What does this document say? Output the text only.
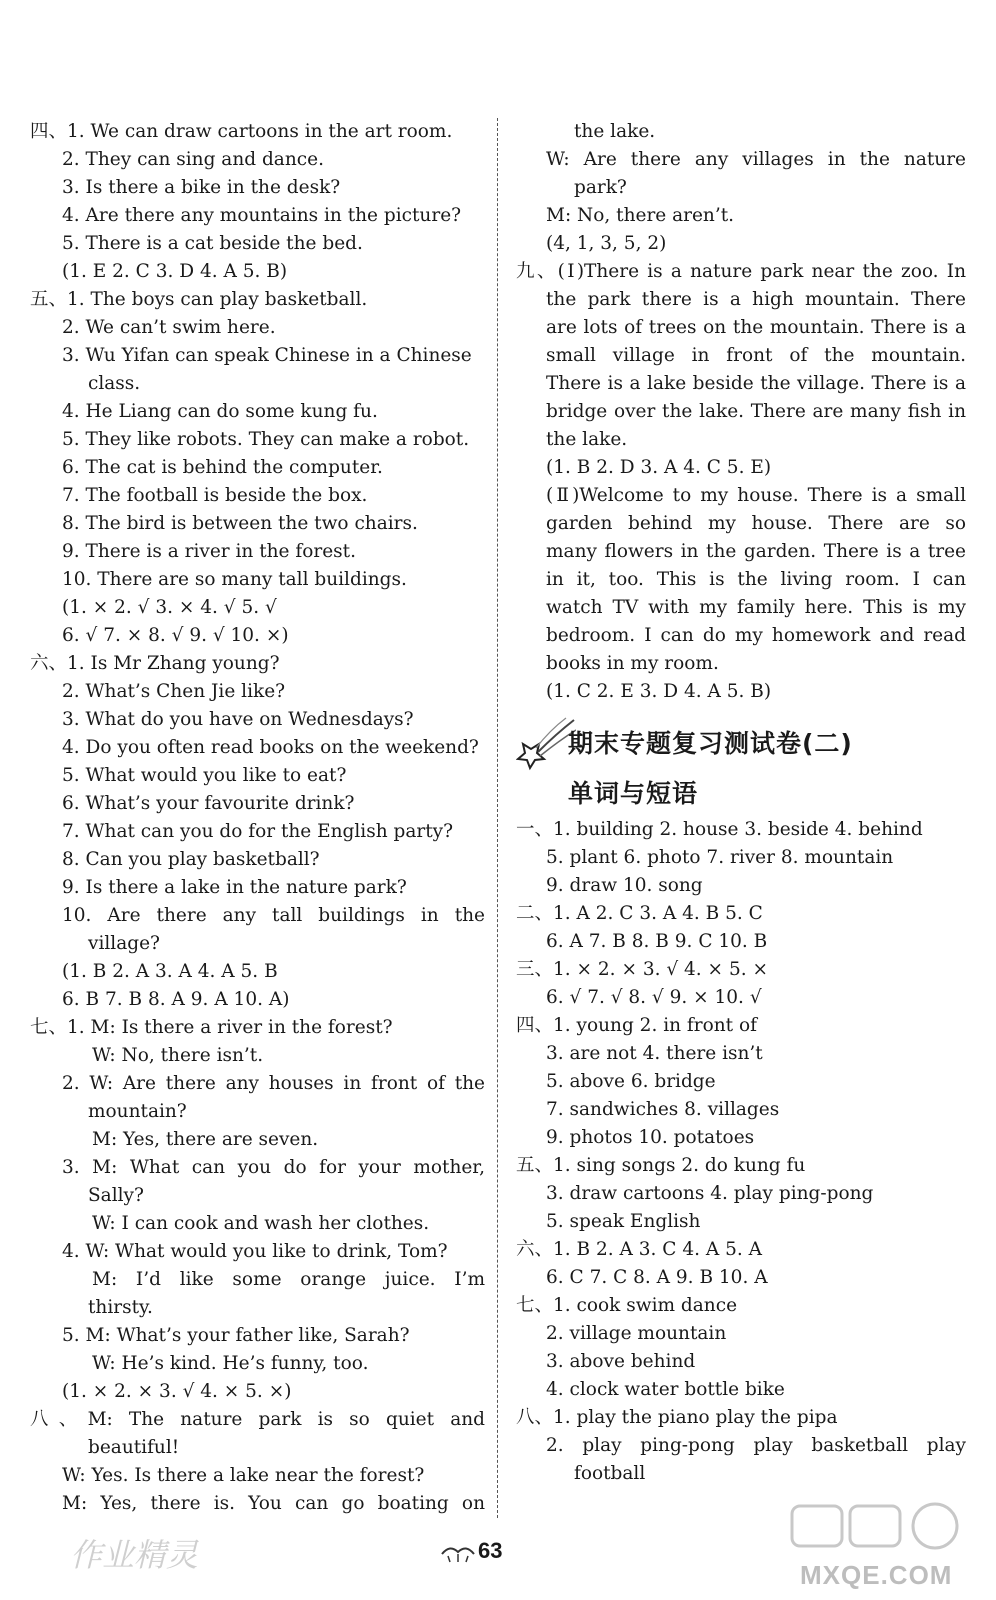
四、1. We can draw cartoons in the art room.
2. They can sing and dance.
3. Is there a bike in the desk?
4. Are there any mountains in the picture?
5. There is a cat beside the bed.
(1. E 2. C 3. D 4. A 5. B)
五、1. The boys can play basketball.
2. We can’t swim here.
3. Wu Yifan can speak Chinese in a Chinese
class.
4. He Liang can do some kung fu.
5. They like robots. They can make a robot.
6. The cat is behind the computer.
7. The football is beside the box.
8. The bird is between the two chairs.
9. There is a river in the forest.
10. There are so many tall buildings.
(1. × 2. √ 3. × 4. √ 5. √
6. √ 7. × 8. √ 9. √ 10. ×)
六、1. Is Mr Zhang young?
2. What’s Chen Jie like?
3. What do you have on Wednesdays?
4. Do you often read books on the weekend?
5. What would you like to eat?
6. What’s your favourite drink?
7. What can you do for the English party?
8. Can you play basketball?
9. Is there a lake in the nature park?
10. Are there any tall buildings in the
village?
(1. B 2. A 3. A 4. A 5. B
6. B 7. B 8. A 9. A 10. A)
七、1. M: Is there a river in the forest?
W: No, there isn’t.
2. W: Are there any houses in front of the
mountain?
M: Yes, there are seven.
3. M: What can you do for your mother,
Sally?
W: I can cook and wash her clothes.
4. W: What would you like to drink, Tom?
M: I’d like some orange juice. I’m
thirsty.
5. M: What’s your father like, Sarah?
W: He’s kind. He’s funny, too.
(1. × 2. × 3. √ 4. × 5. ×)
八、M: The nature park is so quiet and
beautiful!
W: Yes. Is there a lake near the forest?
M: Yes, there is. You can go boating on
the lake.
W: Are there any villages in the nature
park?
M: No, there aren’t.
(4, 1, 3, 5, 2)
九、(Ⅰ)There is a nature park near the zoo. In
the park there is a high mountain. There
are lots of trees on the mountain. There is a
small village in front of the mountain.
There is a lake beside the village. There is a
bridge over the lake. There are many fish in
the lake.
(1. B 2. D 3. A 4. C 5. E)
(Ⅱ)Welcome to my house. There is a small
garden behind my house. There are so
many flowers in the garden. There is a tree
in it, too. This is the living room. I can
watch TV with my family here. This is my
bedroom. I can do my homework and read
books in my room.
(1. C 2. E 3. D 4. A 5. B)
期末专题复习测试卷(二)
单词与短语
一、1. building 2. house 3. beside 4. behind
5. plant 6. photo 7. river 8. mountain
9. draw 10. song
二、1. A 2. C 3. A 4. B 5. C
6. A 7. B 8. B 9. C 10. B
三、1. × 2. × 3. √ 4. × 5. ×
6. √ 7. √ 8. √ 9. × 10. √
四、1. young 2. in front of
3. are not 4. there isn’t
5. above 6. bridge
7. sandwiches 8. villages
9. photos 10. potatoes
五、1. sing songs 2. do kung fu
3. draw cartoons 4. play ping-pong
5. speak English
六、1. B 2. A 3. C 4. A 5. A
6. C 7. C 8. A 9. B 10. A
七、1. cook swim dance
2. village mountain
3. above behind
4. clock water bottle bike
八、1. play the piano play the pipa
2. play ping-pong play basketball play
football
作业精灵	63
MXQE.COM
